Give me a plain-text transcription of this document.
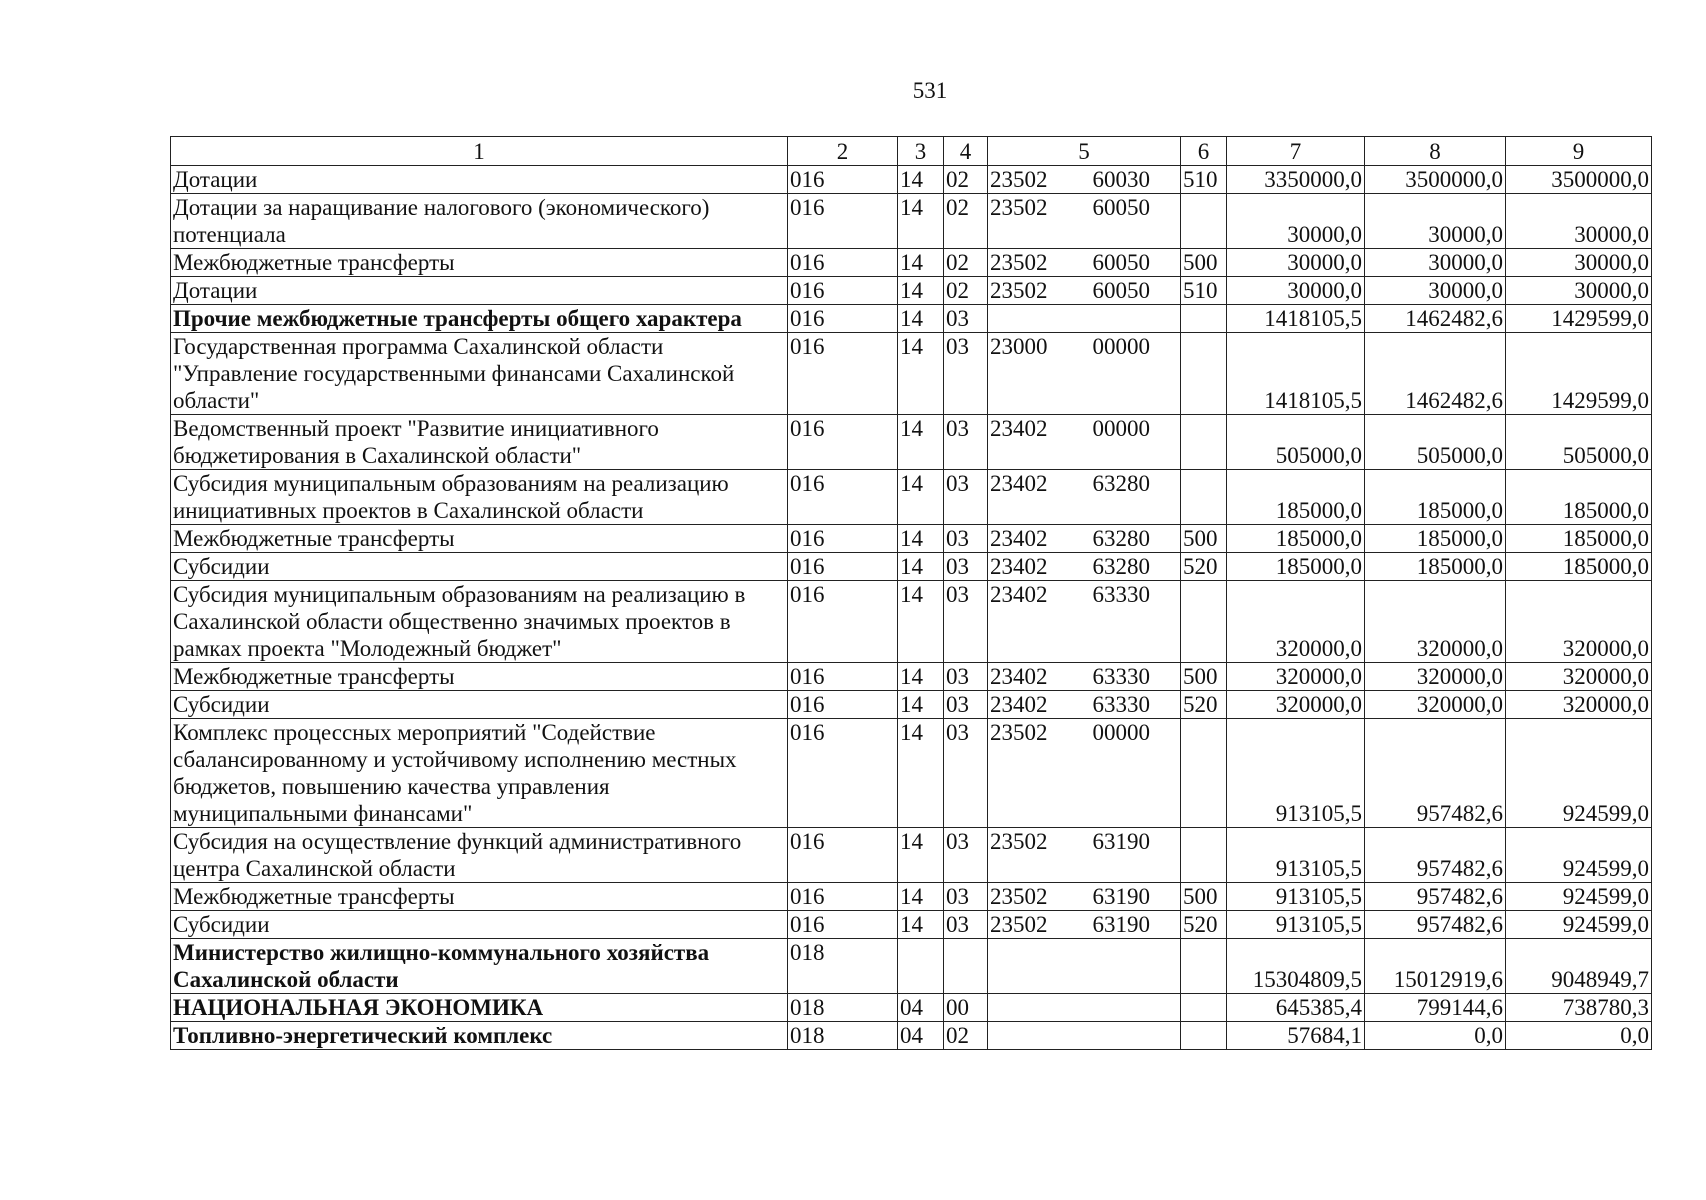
531
1	2	3	4	5	6	7	8	9
Дотации	016	14	02	23502 60030	510	3350000,0	3500000,0	3500000,0
Дотации за наращивание налогового (экономического) потенциала	016	14	02	23502 60050		30000,0	30000,0	30000,0
Межбюджетные трансферты	016	14	02	23502 60050	500	30000,0	30000,0	30000,0
Дотации	016	14	02	23502 60050	510	30000,0	30000,0	30000,0
Прочие межбюджетные трансферты общего характера	016	14	03			1418105,5	1462482,6	1429599,0
Государственная программа Сахалинской области "Управление государственными финансами Сахалинской области"	016	14	03	23000 00000		1418105,5	1462482,6	1429599,0
Ведомственный проект "Развитие инициативного бюджетирования в Сахалинской области"	016	14	03	23402 00000		505000,0	505000,0	505000,0
Субсидия муниципальным образованиям на реализацию инициативных проектов в Сахалинской области	016	14	03	23402 63280		185000,0	185000,0	185000,0
Межбюджетные трансферты	016	14	03	23402 63280	500	185000,0	185000,0	185000,0
Субсидии	016	14	03	23402 63280	520	185000,0	185000,0	185000,0
Субсидия муниципальным образованиям на реализацию в Сахалинской области общественно значимых проектов в рамках проекта "Молодежный бюджет"	016	14	03	23402 63330		320000,0	320000,0	320000,0
Межбюджетные трансферты	016	14	03	23402 63330	500	320000,0	320000,0	320000,0
Субсидии	016	14	03	23402 63330	520	320000,0	320000,0	320000,0
Комплекс процессных мероприятий "Содействие сбалансированному и устойчивому исполнению местных бюджетов, повышению качества управления муниципальными финансами"	016	14	03	23502 00000		913105,5	957482,6	924599,0
Субсидия на осуществление функций административного центра Сахалинской области	016	14	03	23502 63190		913105,5	957482,6	924599,0
Межбюджетные трансферты	016	14	03	23502 63190	500	913105,5	957482,6	924599,0
Субсидии	016	14	03	23502 63190	520	913105,5	957482,6	924599,0
Министерство жилищно-коммунального хозяйства Сахалинской области	018					15304809,5	15012919,6	9048949,7
НАЦИОНАЛЬНАЯ ЭКОНОМИКА	018	04	00			645385,4	799144,6	738780,3
Топливно-энергетический комплекс	018	04	02			57684,1	0,0	0,0
